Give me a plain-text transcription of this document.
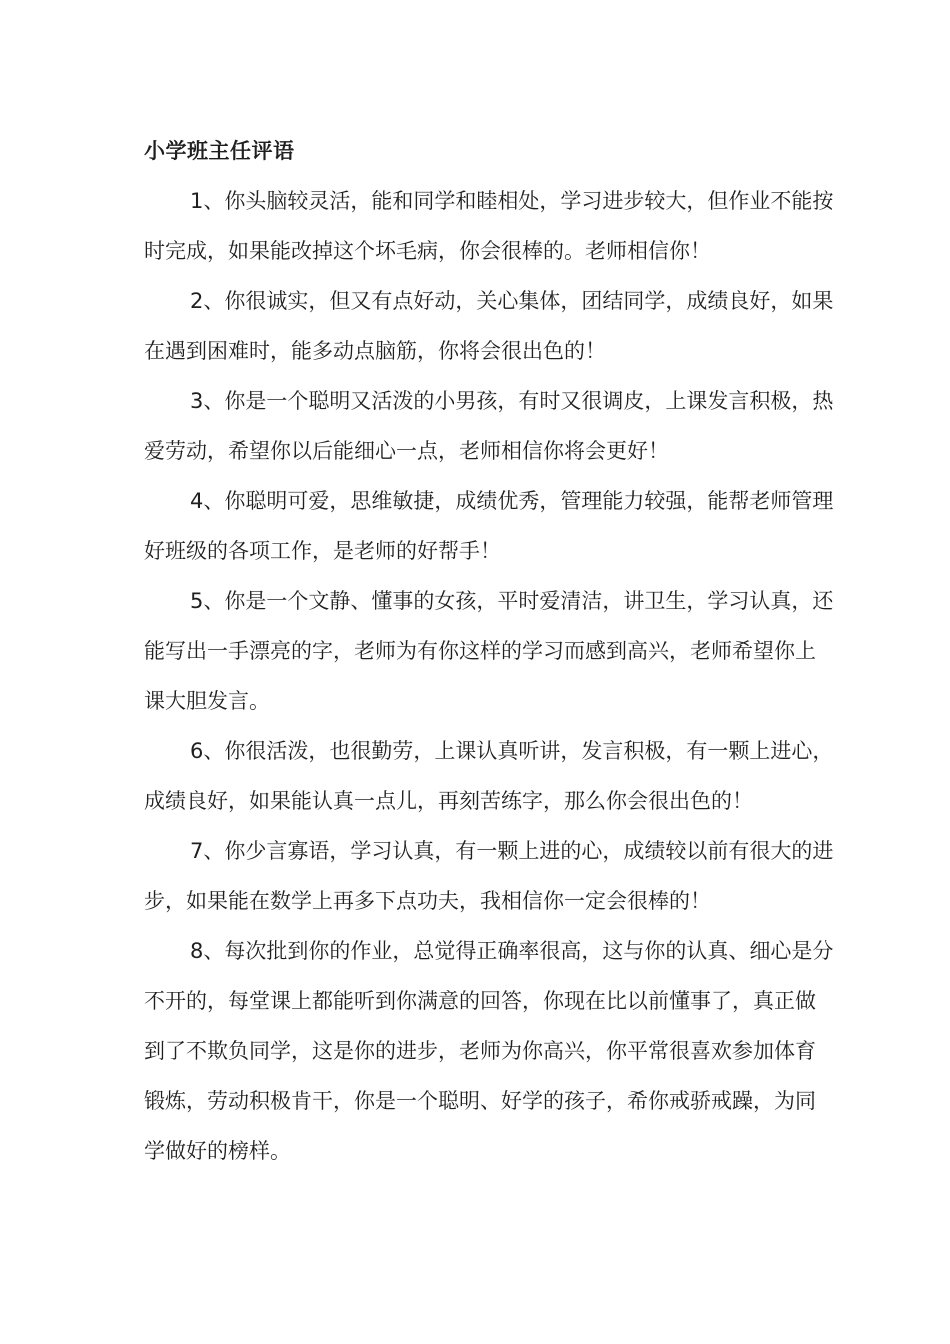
小学班主任评语

1、你头脑较灵活，能和同学和睦相处，学习进步较大，但作业不能按时完成，如果能改掉这个坏毛病，你会很棒的。老师相信你！

2、你很诚实，但又有点好动，关心集体，团结同学，成绩良好，如果在遇到困难时，能多动点脑筋，你将会很出色的！

3、你是一个聪明又活泼的小男孩，有时又很调皮，上课发言积极，热爱劳动，希望你以后能细心一点，老师相信你将会更好！

4、你聪明可爱，思维敏捷，成绩优秀，管理能力较强，能帮老师管理好班级的各项工作，是老师的好帮手！

5、你是一个文静、懂事的女孩，平时爱清洁，讲卫生，学习认真，还能写出一手漂亮的字，老师为有你这样的学习而感到高兴，老师希望你上课大胆发言。

6、你很活泼，也很勤劳，上课认真听讲，发言积极，有一颗上进心，成绩良好，如果能认真一点儿，再刻苦练字，那么你会很出色的！

7、你少言寡语，学习认真，有一颗上进的心，成绩较以前有很大的进步，如果能在数学上再多下点功夫，我相信你一定会很棒的！

8、每次批到你的作业，总觉得正确率很高，这与你的认真、细心是分不开的，每堂课上都能听到你满意的回答，你现在比以前懂事了，真正做到了不欺负同学，这是你的进步，老师为你高兴，你平常很喜欢参加体育锻炼，劳动积极肯干，你是一个聪明、好学的孩子，希你戒骄戒躁，为同学做好的榜样。
